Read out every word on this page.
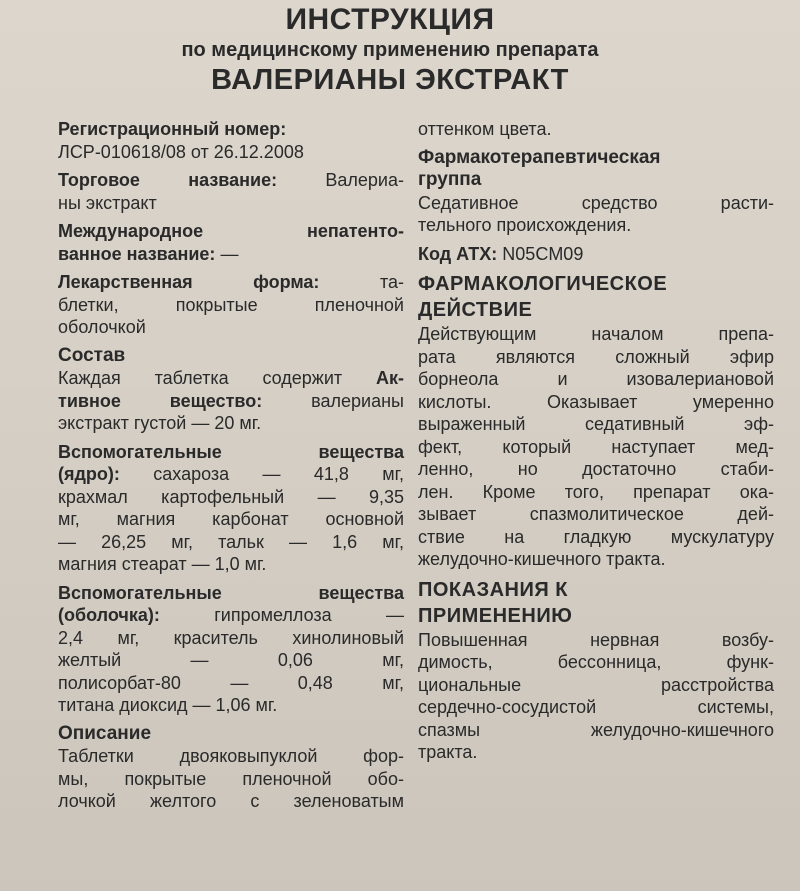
ИНСТРУКЦИЯ
по медицинскому применению препарата
ВАЛЕРИАНЫ ЭКСТРАКТ

Регистрационный номер:

ЛСР-010618/08 от 26.12.2008

Торговое название:	Валериа-

ны экстракт

Международное непатенто-

ванное название: —

Лекарственная форма:	та-

блетки, покрытые пленочной

оболочкой

Состав

Каждая таблетка содержит Ак-

тивное вещество:	валерианы

экстракт густой — 20 мг.

Вспомогательные вещества

(ядро): сахароза — 41,8 мг,

крахмал картофельный — 9,35

мг, магния карбонат основной

— 26,25 мг, тальк — 1,6 мг,

магния стеарат — 1,0 мг.

Вспомогательные вещества

(оболочка):	гипромеллоза —

2,4 мг, краситель хинолиновый

желтый — 0,06 мг,

полисорбат-80 — 0,48 мг,

титана диоксид — 1,06 мг.

Описание

Таблетки двояковыпуклой фор-

мы, покрытые пленочной обо-

лочкой желтого с зеленоватым

оттенком цвета.

Фармакотерапевтическая

группа

Седативное средство расти-

тельного происхождения.

Код АТХ: N05CM09

ФАРМАКОЛОГИЧЕСКОЕ

ДЕЙСТВИЕ

Действующим началом препа-

рата являются сложный эфир

борнеола и изовалериановой

кислоты. Оказывает умеренно

выраженный седативный эф-

фект, который наступает мед-

ленно, но достаточно стаби-

лен. Кроме того, препарат ока-

зывает спазмолитическое дей-

ствие на гладкую мускулатуру

желудочно-кишечного тракта.

ПОКАЗАНИЯ К

ПРИМЕНЕНИЮ

Повышенная нервная возбу-

димость, бессонница, функ-

циональные расстройства

сердечно-сосудистой системы,

спазмы желудочно-кишечного

тракта.
